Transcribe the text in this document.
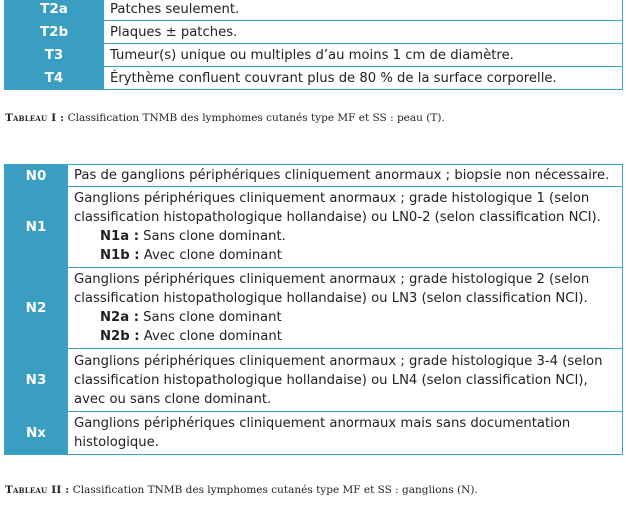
T2a	Patches seulement.
T2b	Plaques ± patches.
T3	Tumeur(s) unique ou multiples d’au moins 1 cm de diamètre.
T4	Érythème confluent couvrant plus de 80 % de la surface corporelle.
Tableau I : Classification TNMB des lymphomes cutanés type MF et SS : peau (T).
N0	Pas de ganglions périphériques cliniquement anormaux ; biopsie non nécessaire.
N1	Ganglions périphériques cliniquement anormaux ; grade histologique 1 (selon classification histopathologique hollandaise) ou LN0-2 (selon classification NCI).
N1a : Sans clone dominant.
N1b : Avec clone dominant

N2	Ganglions périphériques cliniquement anormaux ; grade histologique 2 (selon classification histopathologique hollandaise) ou LN3 (selon classification NCI).
N2a : Sans clone dominant
N2b : Avec clone dominant

N3	Ganglions périphériques cliniquement anormaux ; grade histologique 3-4 (selon classification histopathologique hollandaise) ou LN4 (selon classification NCI), avec ou sans clone dominant.
Nx	Ganglions périphériques cliniquement anormaux mais sans documentation histologique.
Tableau II : Classification TNMB des lymphomes cutanés type MF et SS : ganglions (N).
